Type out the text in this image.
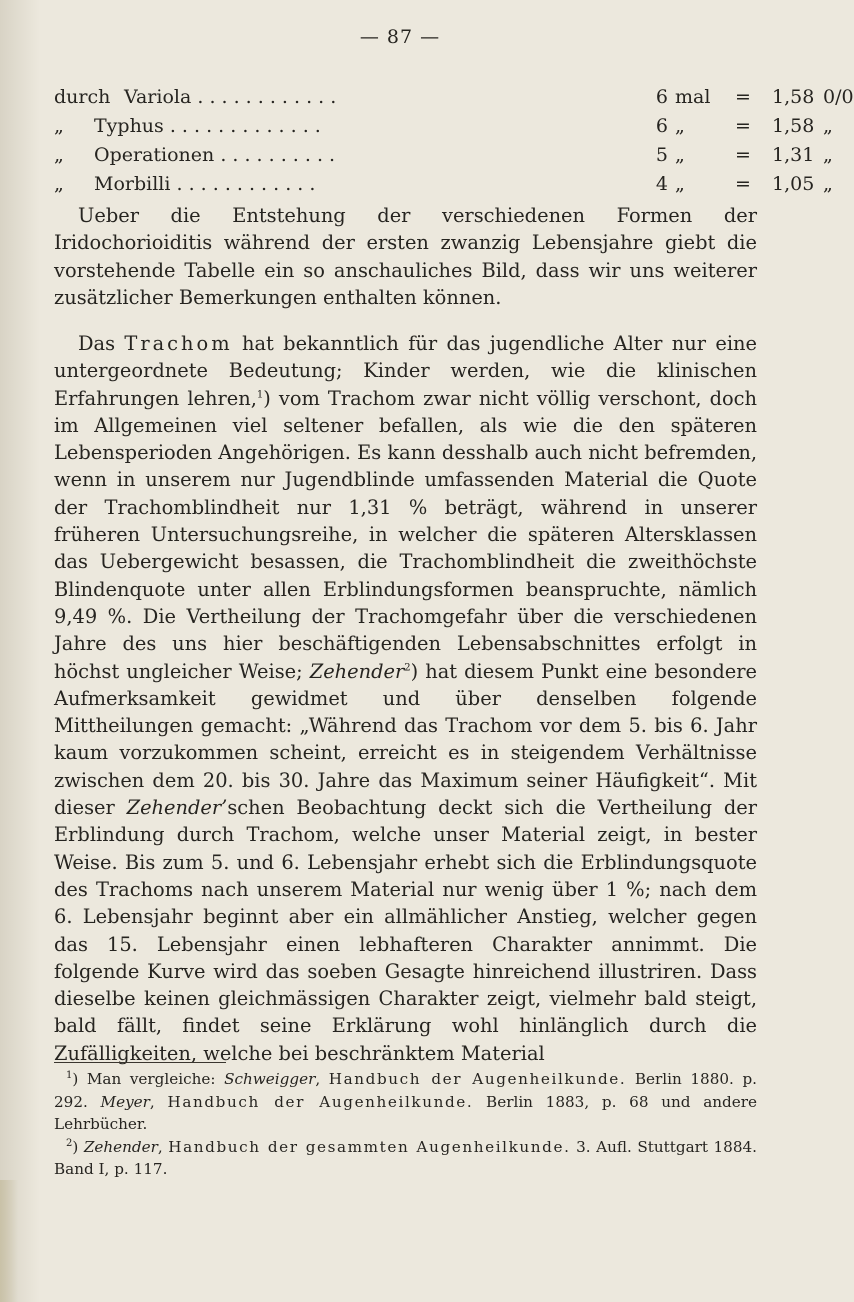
— 87 —
durch Variola . . . . . . . . . . . .	6 mal = 1,58 0/0
„ Typhus . . . . . . . . . . . . .	6 „	= 1,58 „
„ Operationen . . . . . . . . . .	5 „	= 1,31 „
„ Morbilli . . . . . . . . . . . .	4 „	= 1,05 „

Ueber die Entstehung der verschiedenen Formen der Iridochorioiditis während der ersten zwanzig Lebensjahre giebt die vorstehende Tabelle ein so anschauliches Bild, dass wir uns weiterer zusätzlicher Bemerkungen enthalten können.

Das Trachom hat bekanntlich für das jugendliche Alter nur eine untergeordnete Bedeutung; Kinder werden, wie die klinischen Erfahrungen lehren,$^1$) vom Trachom zwar nicht völlig verschont, doch im Allgemeinen viel seltener befallen, als wie die den späteren Lebensperioden Angehörigen. Es kann desshalb auch nicht befremden, wenn in unserem nur Jugendblinde umfassenden Material die Quote der Trachomblindheit nur 1,31 % beträgt, während in unserer früheren Untersuchungsreihe, in welcher die späteren Altersklassen das Uebergewicht besassen, die Trachomblindheit die zweithöchste Blindenquote unter allen Erblindungsformen beanspruchte, nämlich 9,49 %. Die Vertheilung der Trachomgefahr über die verschiedenen Jahre des uns hier beschäftigenden Lebensabschnittes erfolgt in höchst ungleicher Weise; Zehender$^2$) hat diesem Punkt eine besondere Aufmerksamkeit gewidmet und über denselben folgende Mittheilungen gemacht: „Während das Trachom vor dem 5. bis 6. Jahr kaum vorzukommen scheint, erreicht es in steigendem Verhältnisse zwischen dem 20. bis 30. Jahre das Maximum seiner Häufigkeit“. Mit dieser Zehender’schen Beobachtung deckt sich die Vertheilung der Erblindung durch Trachom, welche unser Material zeigt, in bester Weise. Bis zum 5. und 6. Lebensjahr erhebt sich die Erblindungsquote des Trachoms nach unserem Material nur wenig über 1 %; nach dem 6. Lebensjahr beginnt aber ein allmählicher Anstieg, welcher gegen das 15. Lebensjahr einen lebhafteren Charakter annimmt. Die folgende Kurve wird das soeben Gesagte hinreichend illustriren. Dass dieselbe keinen gleichmässigen Charakter zeigt, vielmehr bald steigt, bald fällt, findet seine Erklärung wohl hinlänglich durch die Zufälligkeiten, welche bei beschränktem Material

$^1$) Man vergleiche: Schweigger, Handbuch der Augenheilkunde. Berlin 1880. p. 292. Meyer, Handbuch der Augenheilkunde. Berlin 1883, p. 68 und andere Lehrbücher.

$^2$) Zehender, Handbuch der gesammten Augenheilkunde. 3. Aufl. Stuttgart 1884. Band I, p. 117.
